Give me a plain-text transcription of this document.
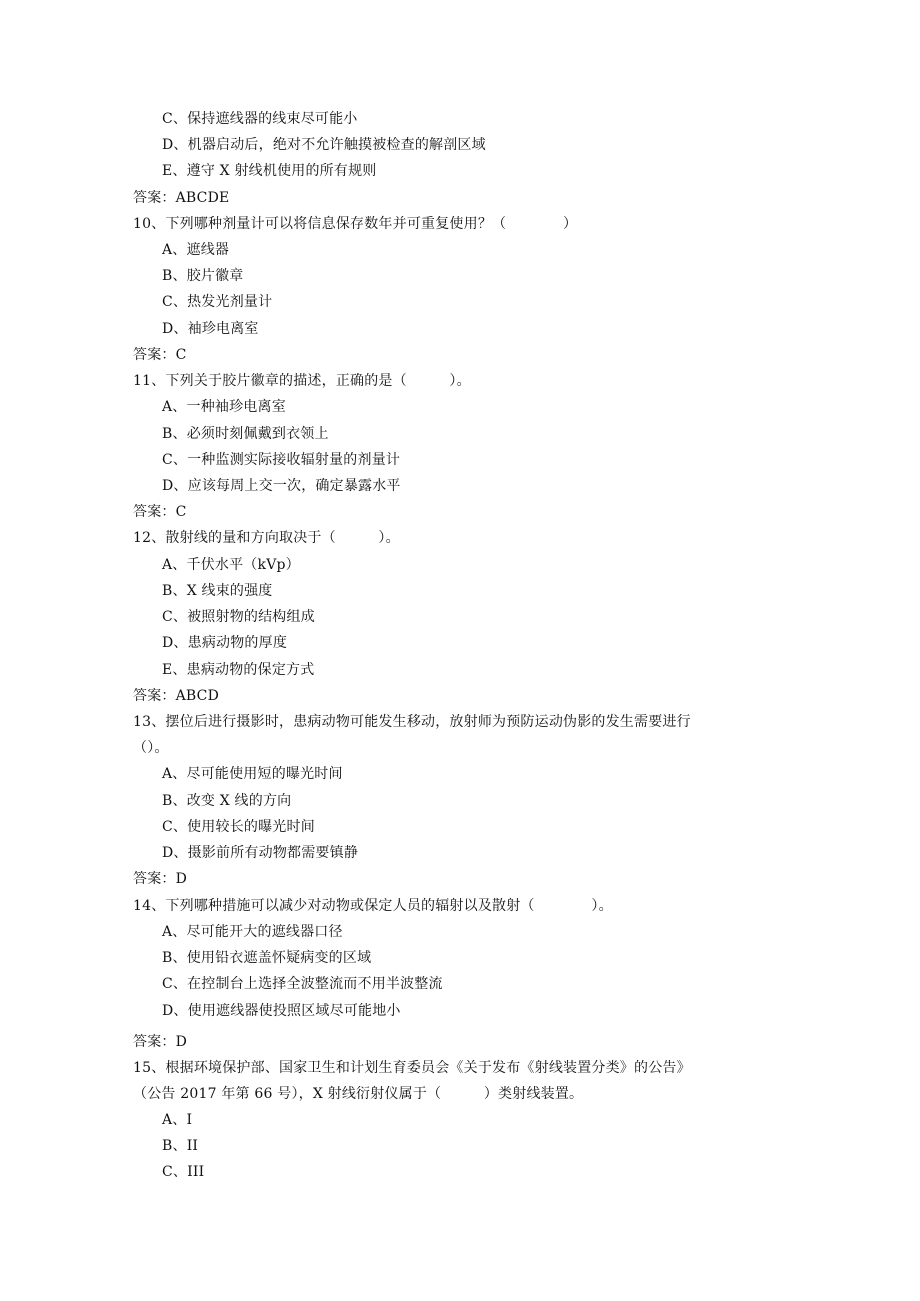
C、保持遮线器的线束尽可能小
D、机器启动后，绝对不允许触摸被检查的解剖区域
E、遵守 X 射线机使用的所有规则
答案：ABCDE
10、下列哪种剂量计可以将信息保存数年并可重复使用？（　　　　）
A、遮线器
B、胶片徽章
C、热发光剂量计
D、袖珍电离室
答案：C
11、下列关于胶片徽章的描述，正确的是（　　　）。
A、一种袖珍电离室
B、必须时刻佩戴到衣领上
C、一种监测实际接收辐射量的剂量计
D、应该每周上交一次，确定暴露水平
答案：C
12、散射线的量和方向取决于（　　　）。
A、千伏水平（kVp）
B、X 线束的强度
C、被照射物的结构组成
D、患病动物的厚度
E、患病动物的保定方式
答案：ABCD
13、摆位后进行摄影时，患病动物可能发生移动，放射师为预防运动伪影的发生需要进行
（）。
A、尽可能使用短的曝光时间
B、改变 X 线的方向
C、使用较长的曝光时间
D、摄影前所有动物都需要镇静
答案：D
14、下列哪种措施可以减少对动物或保定人员的辐射以及散射（　　　　）。
A、尽可能开大的遮线器口径
B、使用铅衣遮盖怀疑病变的区域
C、在控制台上选择全波整流而不用半波整流
D、使用遮线器使投照区域尽可能地小
答案：D
15、根据环境保护部、国家卫生和计划生育委员会《关于发布《射线装置分类》的公告》
（公告 2017 年第 66 号），X 射线衍射仪属于（　　　）类射线装置。
A、I
B、II
C、III
